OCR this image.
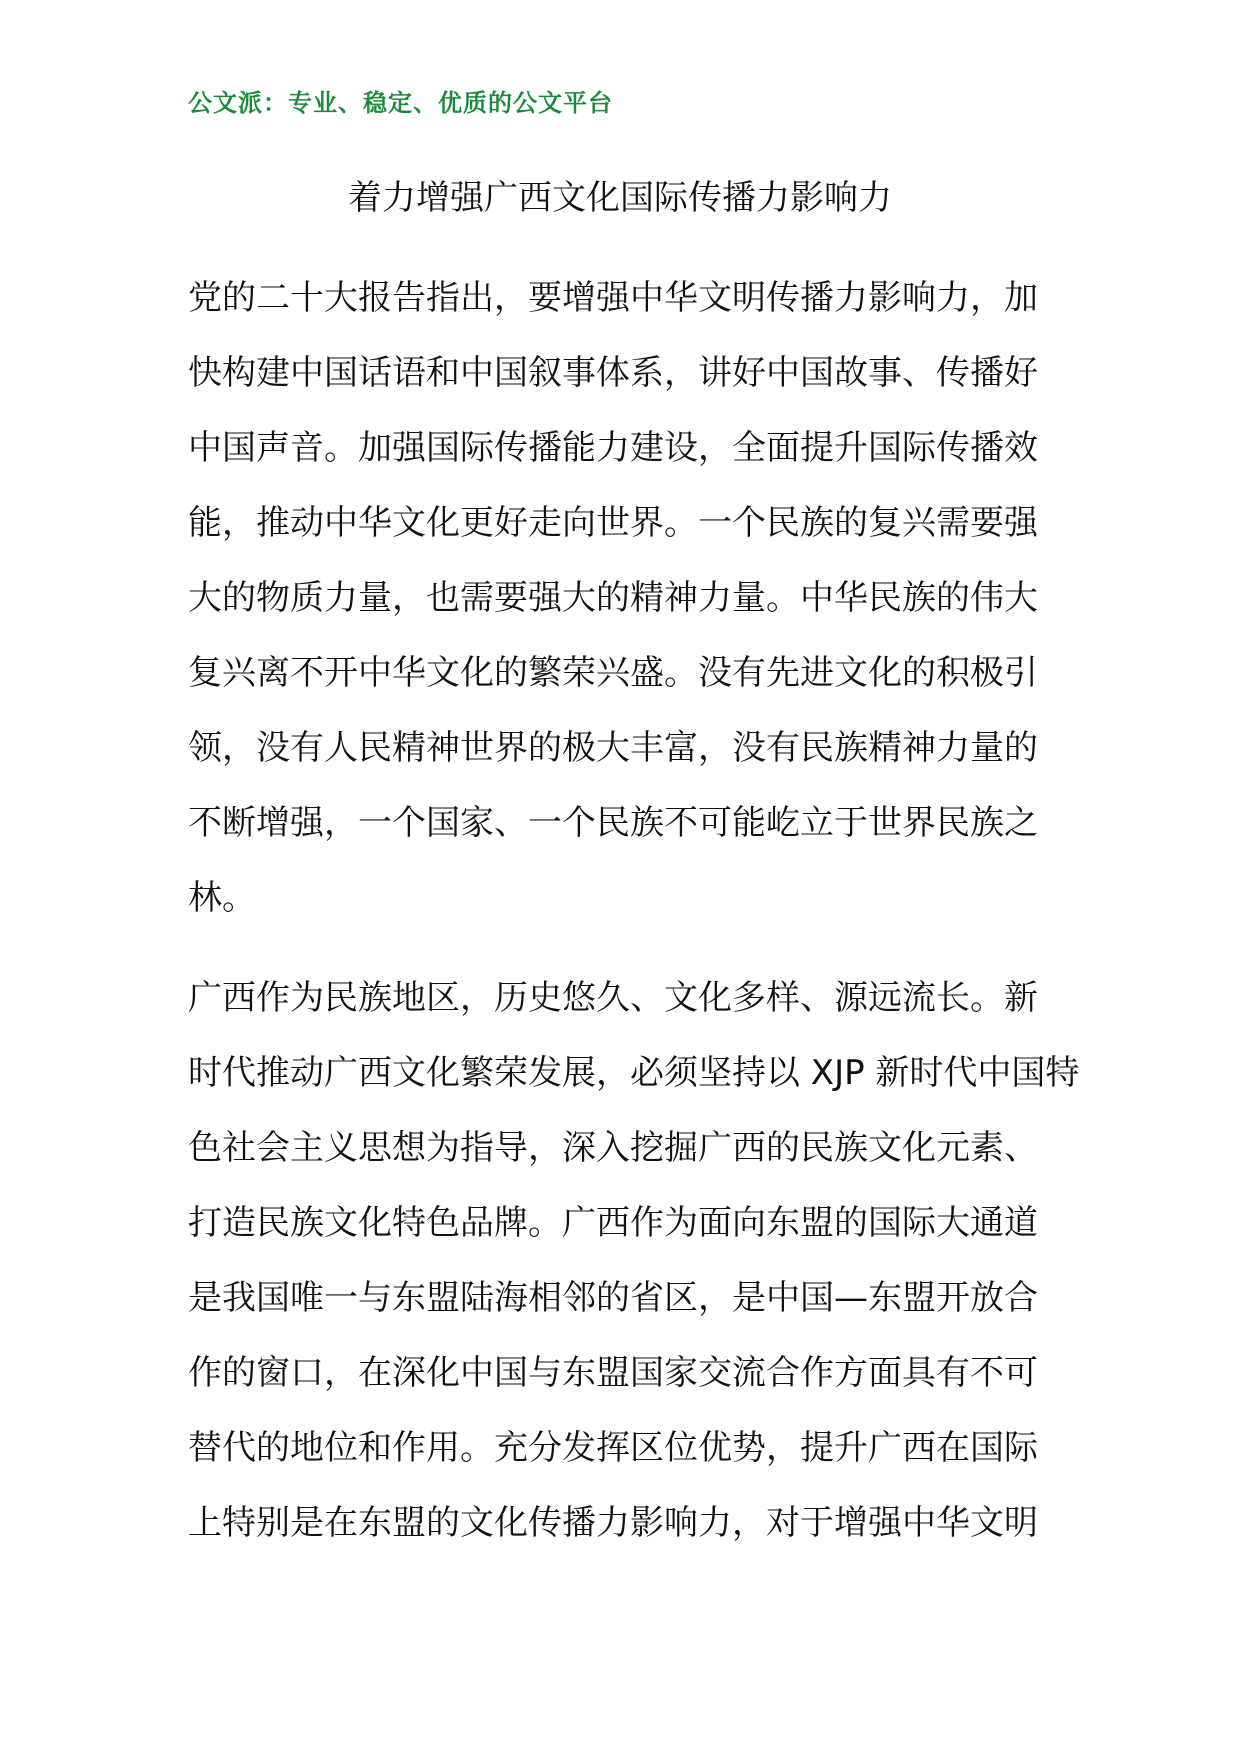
公文派：专业、稳定、优质的公文平台
着力增强广西文化国际传播力影响力
党的二十大报告指出，要增强中华文明传播力影响力，加
快构建中国话语和中国叙事体系，讲好中国故事、传播好
中国声音。加强国际传播能力建设，全面提升国际传播效
能，推动中华文化更好走向世界。一个民族的复兴需要强
大的物质力量，也需要强大的精神力量。中华民族的伟大
复兴离不开中华文化的繁荣兴盛。没有先进文化的积极引
领，没有人民精神世界的极大丰富，没有民族精神力量的
不断增强，一个国家、一个民族不可能屹立于世界民族之
林。
广西作为民族地区，历史悠久、文化多样、源远流长。新
时代推动广西文化繁荣发展，必须坚持以 XJP 新时代中国特
色社会主义思想为指导，深入挖掘广西的民族文化元素、
打造民族文化特色品牌。广西作为面向东盟的国际大通道
是我国唯一与东盟陆海相邻的省区，是中国—东盟开放合
作的窗口，在深化中国与东盟国家交流合作方面具有不可
替代的地位和作用。充分发挥区位优势，提升广西在国际
上特别是在东盟的文化传播力影响力，对于增强中华文明
